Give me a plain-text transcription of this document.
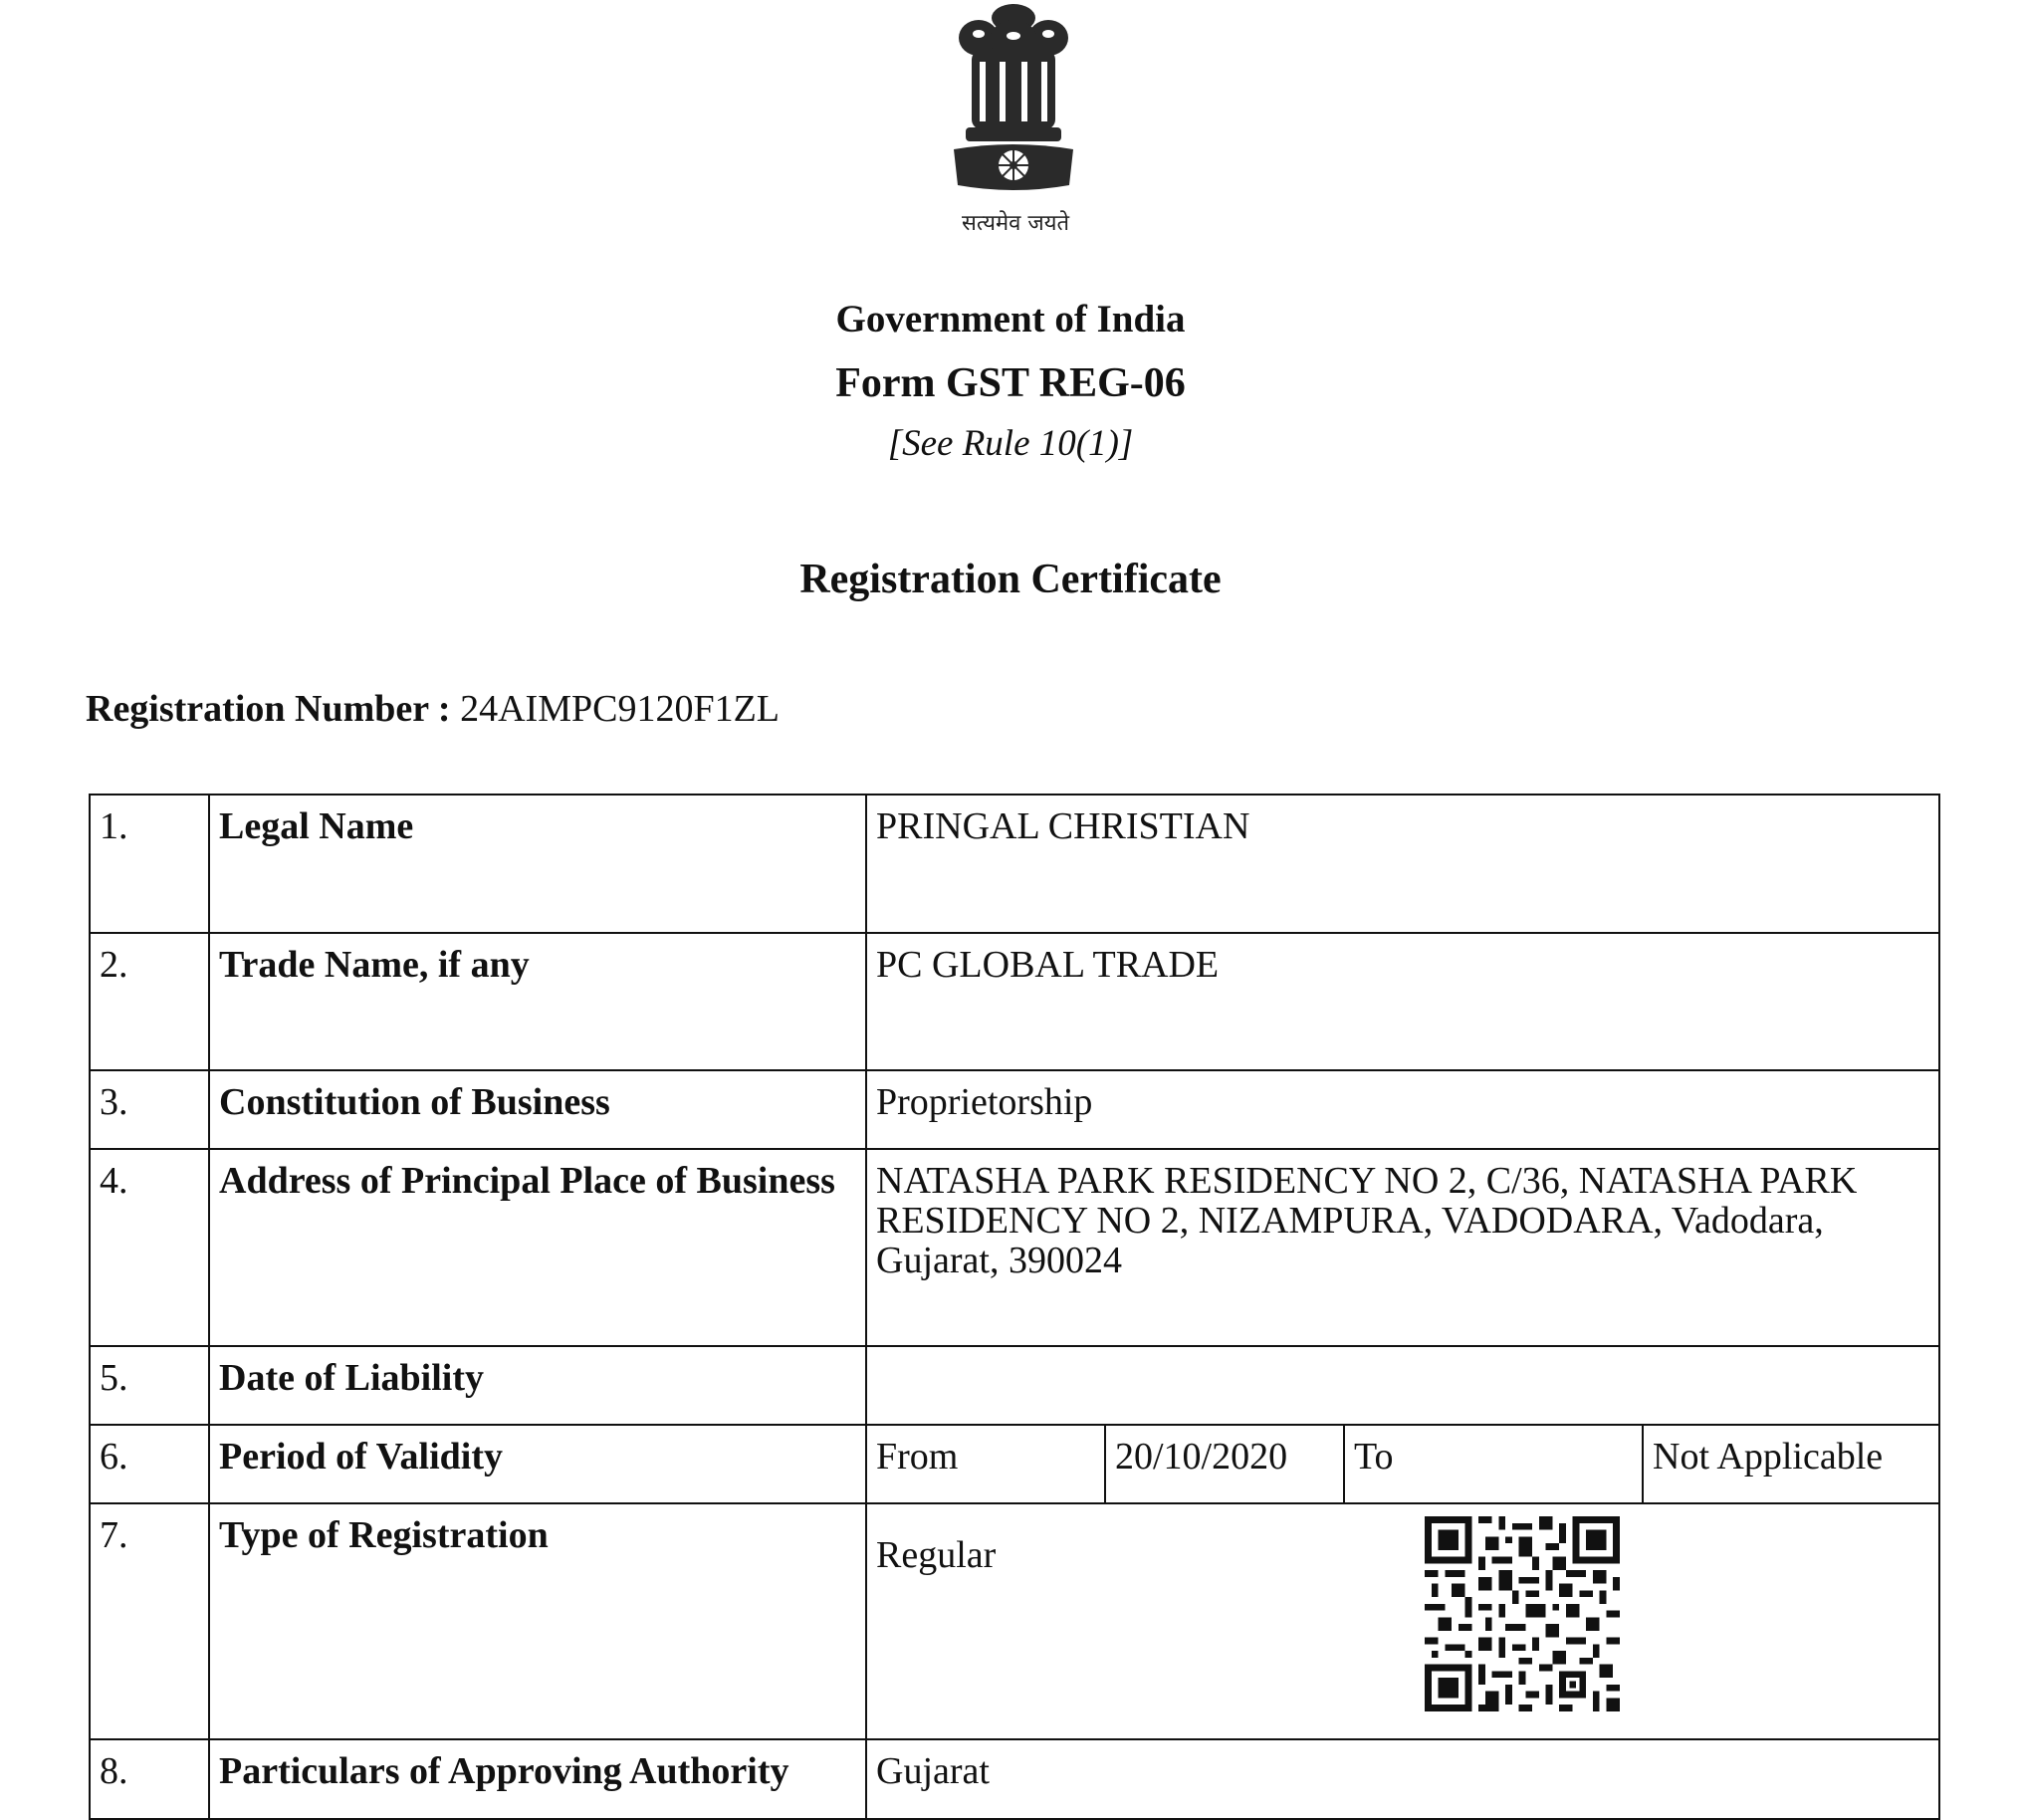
सत्यमेव जयते
Government of India
Form GST REG-06
[See Rule 10(1)]
Registration Certificate
Registration Number : 24AIMPC9120F1ZL
1.	Legal Name	PRINGAL CHRISTIAN			
2.	Trade Name, if any	PC GLOBAL TRADE			
3.	Constitution of Business	Proprietorship			
4.	Address of Principal Place of Business	NATASHA PARK RESIDENCY NO 2, C/36, NATASHA PARK RESIDENCY NO 2, NIZAMPURA, VADODARA, Vadodara, Gujarat, 390024			
5.	Date of Liability				
6.	Period of Validity	From	20/10/2020	To	Not Applicable
7.	Type of Registration	Regular			

8.	Particulars of Approving Authority	Gujarat			
